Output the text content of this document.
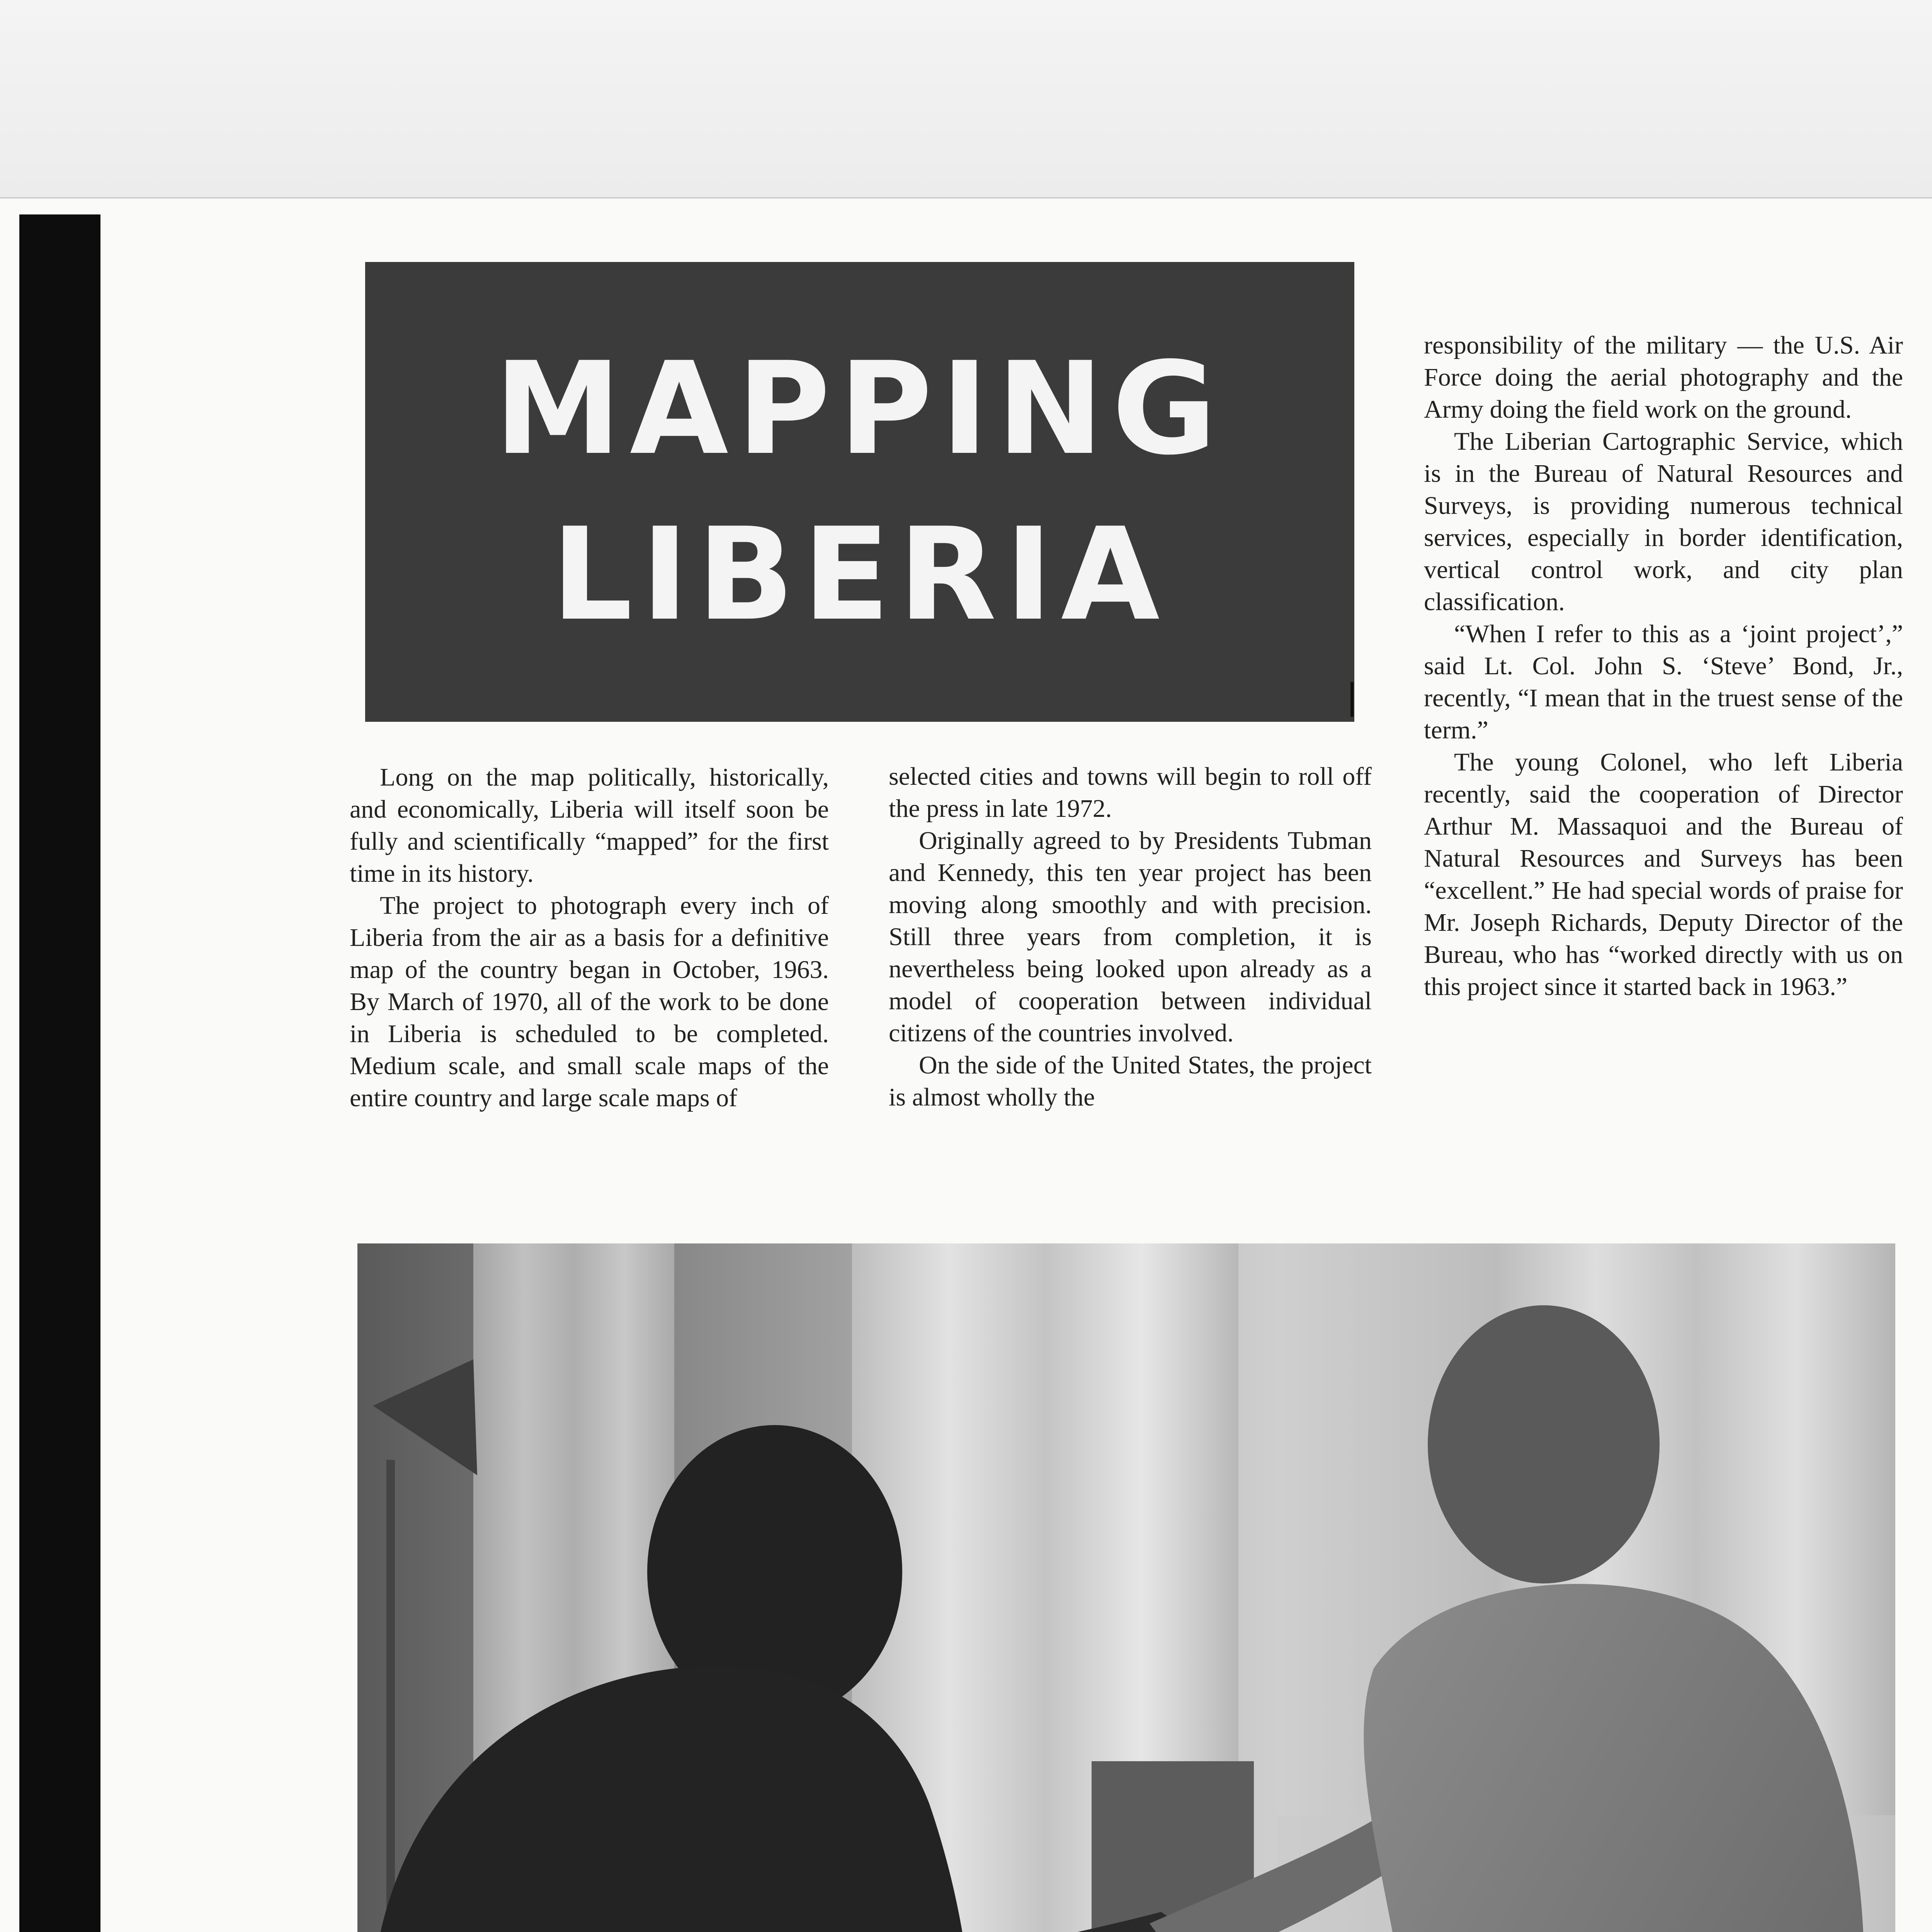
MAPPING
LIBERIA

Long on the map politically, historically, and economically, Liberia will itself soon be fully and scientifically “mapped” for the first time in its history.

The project to photograph every inch of Liberia from the air as a basis for a definitive map of the country began in October, 1963. By March of 1970, all of the work to be done in Liberia is scheduled to be completed. Medium scale, and small scale maps of the entire country and large scale maps of

selected cities and towns will begin to roll off the press in late 1972.

Originally agreed to by Presidents Tubman and Kennedy, this ten year project has been moving along smoothly and with precision. Still three years from completion, it is nevertheless being looked upon already as a model of cooperation between individual citizens of the countries involved.

On the side of the United States, the project is almost wholly the

responsibility of the military — the U.S. Air Force doing the aerial photography and the Army doing the field work on the ground.

The Liberian Cartographic Service, which is in the Bureau of Natural Resources and Surveys, is providing numerous technical services, especially in border identification, vertical control work, and city plan classification.

“When I refer to this as a ‘joint project’,” said Lt. Col. John S. ‘Steve’ Bond, Jr., recently, “I mean that in the truest sense of the term.”

The young Colonel, who left Liberia recently, said the cooperation of Director Arthur M. Massaquoi and the Bureau of Natural Resources and Surveys has been “excellent.” He had special words of praise for Mr. Joseph Richards, Deputy Director of the Bureau, who has “worked directly with us on this project since it started back in 1963.”
